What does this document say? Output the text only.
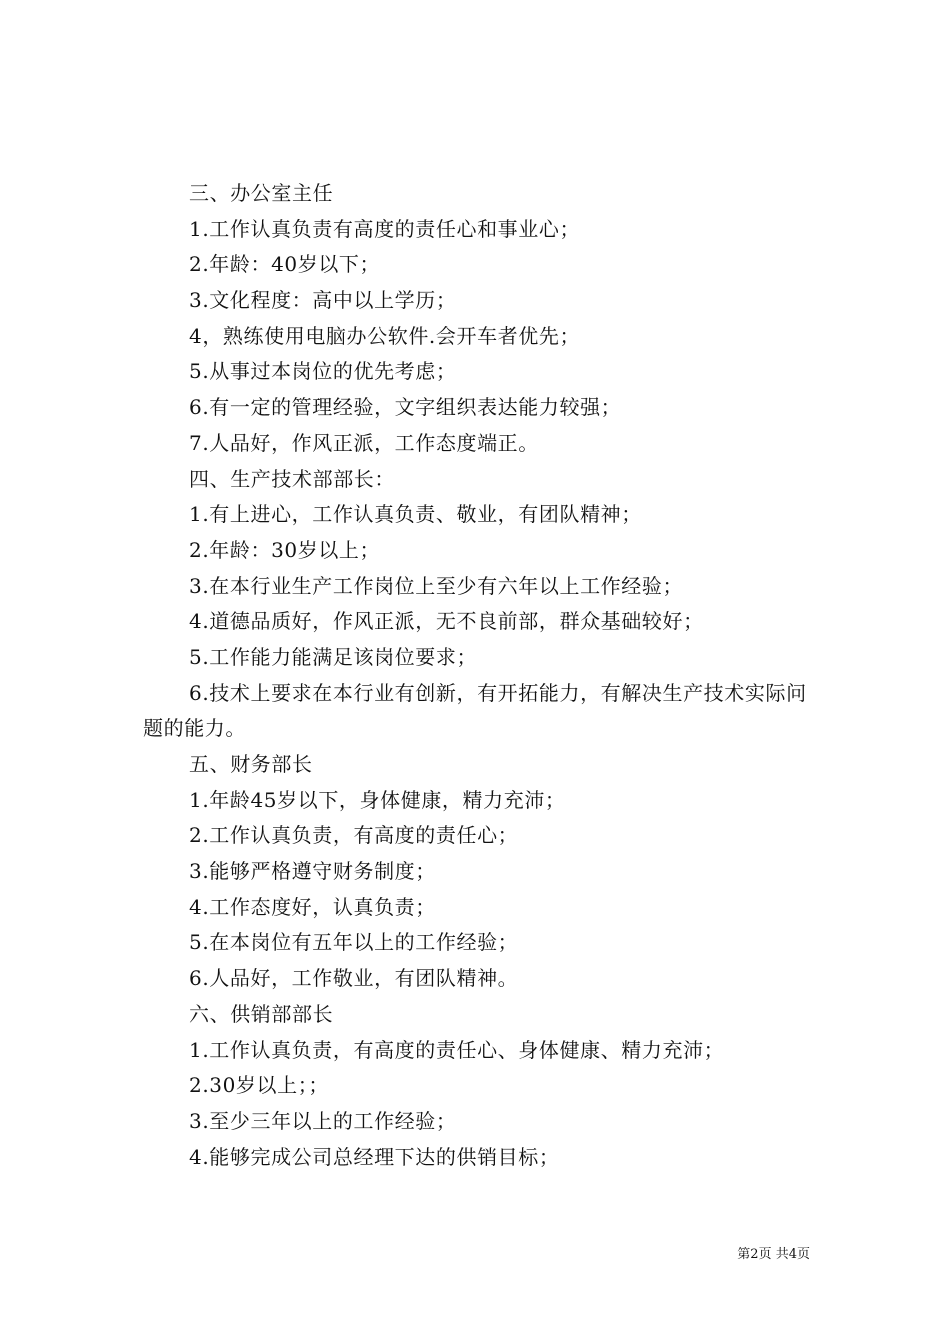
三、办公室主任
1.工作认真负责有高度的责任心和事业心；
2.年龄：40岁以下；
3.文化程度：高中以上学历；
4，熟练使用电脑办公软件.会开车者优先；
5.从事过本岗位的优先考虑；
6.有一定的管理经验，文字组织表达能力较强；
7.人品好，作风正派，工作态度端正。
四、生产技术部部长：
1.有上进心，工作认真负责、敬业，有团队精神；
2.年龄：30岁以上；
3.在本行业生产工作岗位上至少有六年以上工作经验；
4.道德品质好，作风正派，无不良前部，群众基础较好；
5.工作能力能满足该岗位要求；
6.技术上要求在本行业有创新，有开拓能力，有解决生产技术实际问题的能力。
五、财务部长
1.年龄45岁以下，身体健康，精力充沛；
2.工作认真负责，有高度的责任心；
3.能够严格遵守财务制度；
4.工作态度好，认真负责；
5.在本岗位有五年以上的工作经验；
6.人品好，工作敬业，有团队精神。
六、供销部部长
1.工作认真负责，有高度的责任心、身体健康、精力充沛；
2.30岁以上；；
3.至少三年以上的工作经验；
4.能够完成公司总经理下达的供销目标；
第2页 共4页
